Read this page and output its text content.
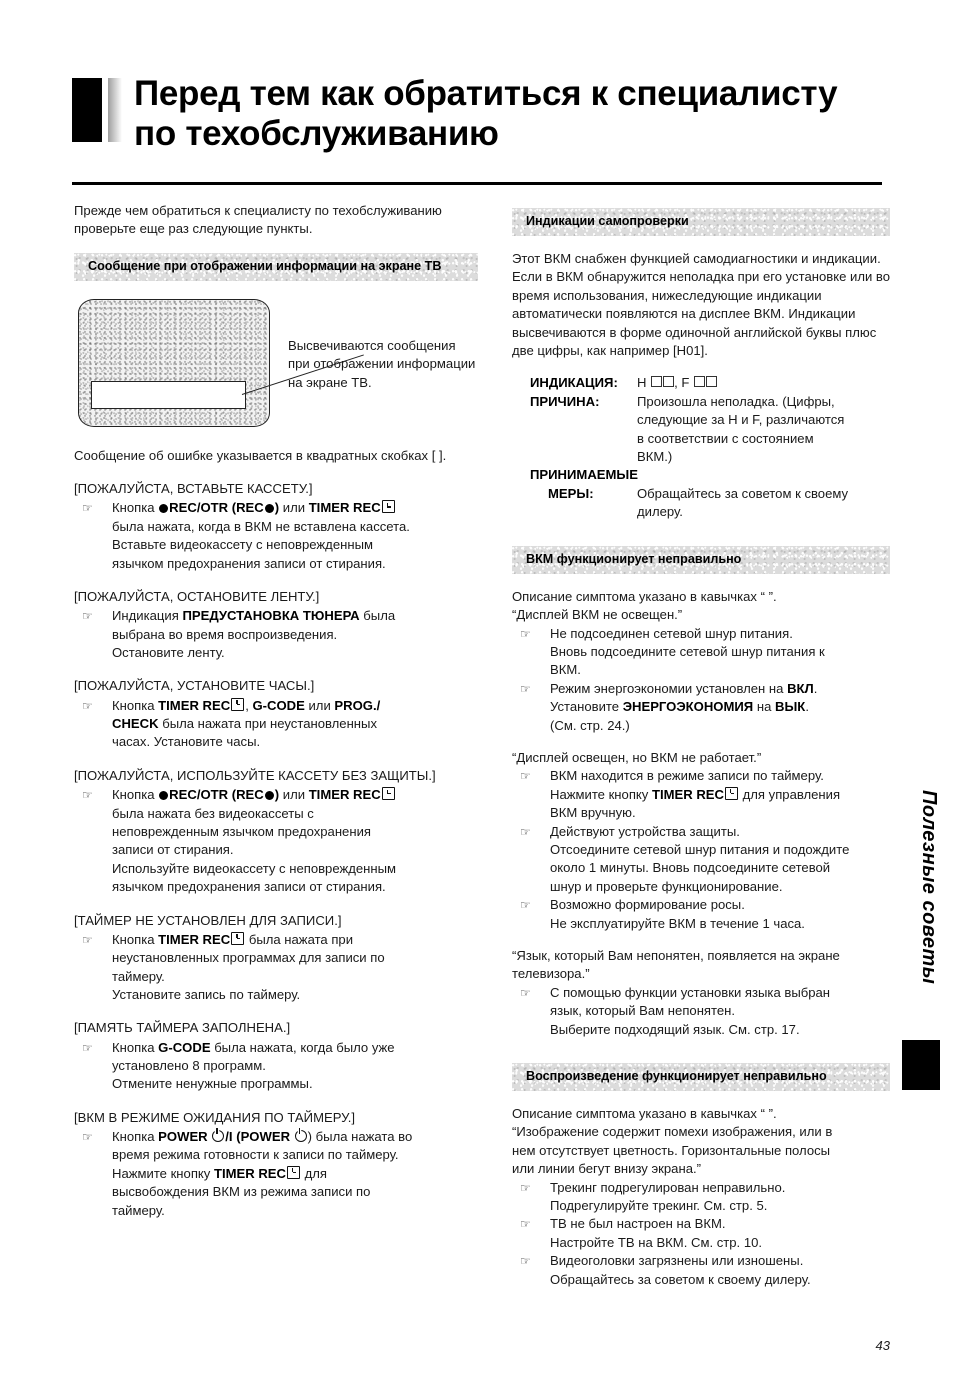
Перед тем как обратиться к специалисту
по техобслуживанию

Прежде чем обратиться к специалисту по техобслуживанию проверьте еще раз следующие пункты.

Сообщение при отображении информации на экране ТВ
Высвечиваются сообщения при отображении информации на экране ТВ.

Сообщение об ошибке указывается в квадратных скобках [ ].

[ПОЖАЛУЙСТА, ВСТАВЬТЕ КАССЕТУ.]

☞	Кнопка REC/OTR (REC ) или TIMER REC

была нажата, когда в ВКМ не вставлена кассета.

Вставьте видеокассету с неповрежденным

язычком предохранения записи от стирания.

[ПОЖАЛУЙСТА, ОСТАНОВИТЕ ЛЕНТУ.]

☞	Индикация ПРЕДУСТАНОВКА ТЮНЕРА была

выбрана во время воспроизведения.

Остановите ленту.

[ПОЖАЛУЙСТА, УСТАНОВИТЕ ЧАСЫ.]

☞	Кнопка TIMER REC , G-CODE или PROG./

CHECK была нажата при неустановленных

часах. Установите часы.

[ПОЖАЛУЙСТА, ИСПОЛЬЗУЙТЕ КАССЕТУ БЕЗ ЗАЩИТЫ.]

☞	Кнопка REC/OTR (REC ) или TIMER REC

была нажата без видеокассеты с

неповрежденным язычком предохранения

записи от стирания.

Используйте видеокассету с неповрежденным

язычком предохранения записи от стирания.

[ТАЙМЕР НЕ УСТАНОВЛЕН ДЛЯ ЗАПИСИ.]

☞	Кнопка TIMER REC была нажата при

неустановленных программах для записи по

таймеру.

Установите запись по таймеру.

[ПАМЯТЬ ТАЙМЕРА ЗАПОЛНЕНА.]

☞	Кнопка G-CODE была нажата, когда было уже

установлено 8 программ.

Отмените ненужные программы.

[ВКМ В РЕЖИМЕ ОЖИДАНИЯ ПО ТАЙМЕРУ.]

☞	Кнопка POWER /I (POWER ) была нажата во

время режима готовности к записи по таймеру.

Нажмите кнопку TIMER REC для

высвобождения ВКМ из режима записи по

таймеру.

Индикации самопроверки

Этот ВКМ снабжен функцией самодиагностики и индикации. Если в ВКМ обнаружится неполадка при его установке или во время использования, нижеследующие индикации автоматически появляются на дисплее ВКМ. Индикации высвечиваются в форме одиночной английской буквы плюс две цифры, как например [H01].

ИНДИКАЦИЯ:	H , F

ПРИЧИНА:	Произошла неполадка. (Цифры,

следующие за H и F, различаются

в соответствии с состоянием

ВКМ.)

ПРИНИМАЕМЫЕ
МЕРЫ:	Обращайтесь за советом к своему

дилеру.

ВКМ функционирует неправильно

Описание симптома указано в кавычках “ ”.

“Дисплей ВКМ не освещен.”

☞	Не подсоединен сетевой шнур питания.

Вновь подсоедините сетевой шнур питания к

ВКМ.

☞	Режим энергоэкономии установлен на ВКЛ.

Установите ЭНЕРГОЭКОНОМИЯ на ВЫК.

(См. стр. 24.)

“Дисплей освещен, но ВКМ не работает.”

☞	ВКМ находится в режиме записи по таймеру.

Нажмите кнопку TIMER REC для управления

ВКМ вручную.

☞	Действуют устройства защиты.

Отсоедините сетевой шнур питания и подождите

около 1 минуты. Вновь подсоедините сетевой

шнур и проверьте функционирование.

☞	Возможно формирование росы.

Не эксплуатируйте ВКМ в течение 1 часа.

“Язык, который Вам непонятен, появляется на экране

телевизора.”

☞	С помощью функции установки языка выбран

язык, который Вам непонятен.

Выберите подходящий язык. См. стр. 17.

Воспроизведение функционирует неправильно

Описание симптома указано в кавычках “ ”.

“Изображение содержит помехи изображения, или в

нем отсутствует цветность. Горизонтальные полосы

или линии бегут внизу экрана.”

☞	Трекинг подрегулирован неправильно.

Подрегулируйте трекинг. См. стр. 5.

☞	ТВ не был настроен на ВКМ.

Настройте ТВ на ВКМ. См. стр. 10.

☞	Видеоголовки загрязнены или изношены.

Обращайтесь за советом к своему дилеру.

Полезные советы
43
